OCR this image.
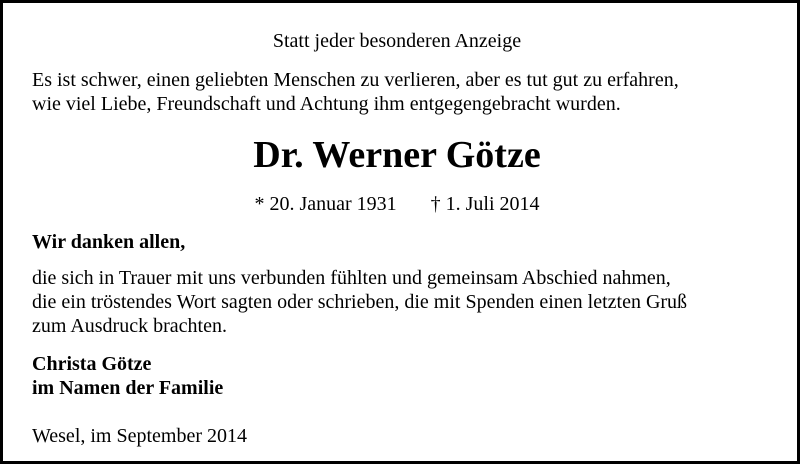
Statt jeder besonderen Anzeige
Es ist schwer, einen geliebten Menschen zu verlieren, aber es tut gut zu erfahren,
wie viel Liebe, Freundschaft und Achtung ihm entgegengebracht wurden.
Dr. Werner Götze
* 20. Januar 1931 † 1. Juli 2014
Wir danken allen,
die sich in Trauer mit uns verbunden fühlten und gemeinsam Abschied nahmen,
die ein tröstendes Wort sagten oder schrieben, die mit Spenden einen letzten Gruß
zum Ausdruck brachten.
Christa Götze
im Namen der Familie
Wesel, im September 2014
